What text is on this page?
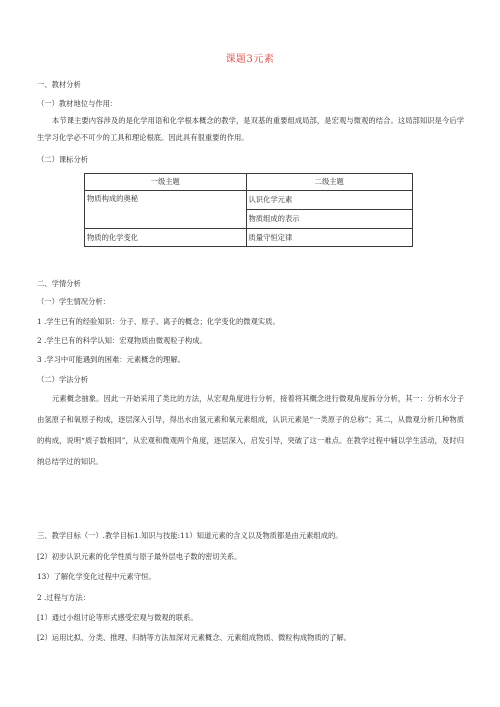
课题3元素
一、教材分析
（一）教材地位与作用：
本节课主要内容涉及的是化学用语和化学根本概念的教学，是双基的重要组成局部，是宏观与微观的结合。这局部知识是今后学生学习化学必不可少的工具和理论根底。因此具有很重要的作用。
（二）课标分析
一级主题	二级主题
物质构成的奥秘	认识化学元素
	物质组成的表示
物质的化学变化	质量守恒定律
二、学情分析
（一）学生情况分析：
1 .学生已有的经验知识：分子、原子、离子的概念；化学变化的微观实质。
2 .学生已有的科学认知：宏观物质由微观粒子构成。
3 .学习中可能遇到的困难：元素概念的理解。
（二）学法分析
元素概念抽象。因此一开始采用了类比的方法，从宏观角度进行分析，接着将其概念进行微观角度拆分分析，其一：分析水分子由氢原子和氧原子构成，逐层深入引导，得出水由氢元素和氧元素组成，认识元素是“一类原子的总称”；其二，从微观分析几种物质的构成，说明“质子数相同”，从宏观和微观两个角度，逐层深入，启发引导，突破了这一难点。在教学过程中辅以学生活动，及时归纳总结学过的知识。
三、教学目标（一）.教学目标1.知识与技能:11）知道元素的含义以及物质都是由元素组成的。
[2）初步认识元素的化学性质与原子最外层电子数的密切关系。
13）了解化学变化过程中元素守恒。
2 .过程与方法：
[1）通过小组讨论等形式感受宏观与微观的联系。
[2）运用比拟、分类、推理、归纳等方法加深对元素概念、元素组成物质、微粒构成物质的了解。
